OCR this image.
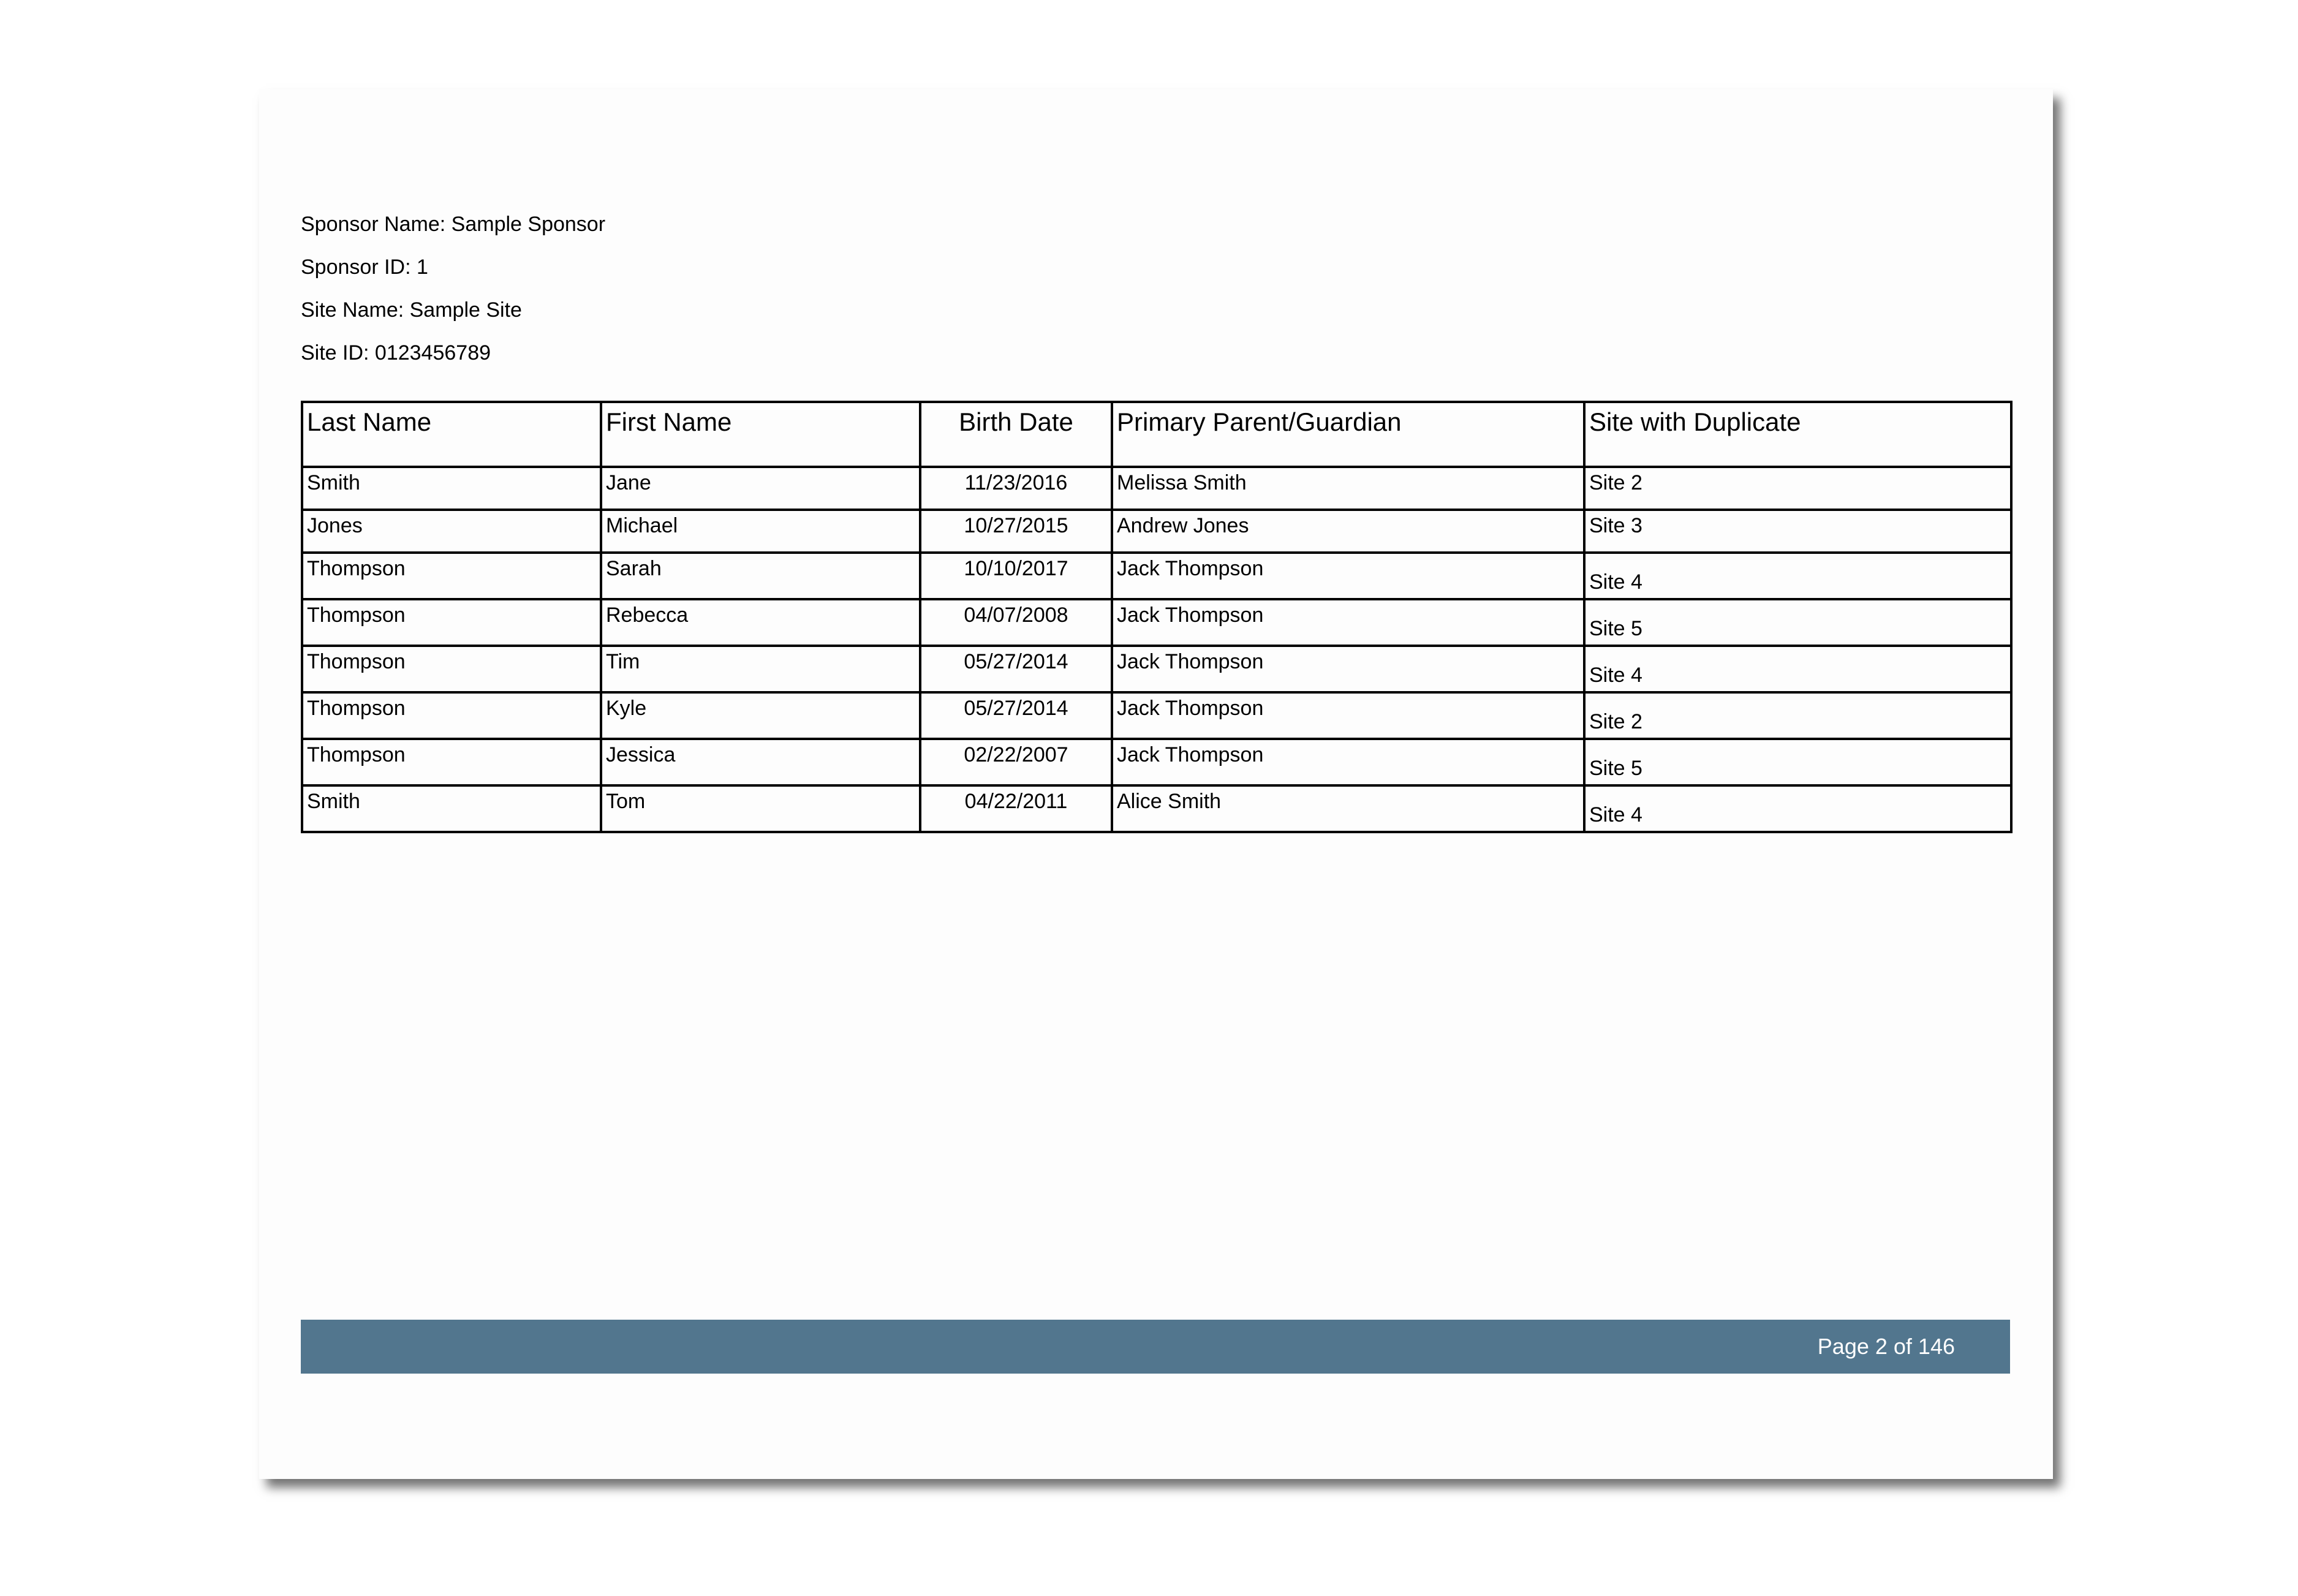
Sponsor Name: Sample Sponsor
Sponsor ID: 1
Site Name: Sample Site
Site ID: 0123456789
Last Name	First Name	Birth Date	Primary Parent/Guardian	Site with Duplicate
Smith	Jane	11/23/2016	Melissa Smith	Site 2
Jones	Michael	10/27/2015	Andrew Jones	Site 3
Thompson	Sarah	10/10/2017	Jack Thompson	Site 4
Thompson	Rebecca	04/07/2008	Jack Thompson	Site 5
Thompson	Tim	05/27/2014	Jack Thompson	Site 4
Thompson	Kyle	05/27/2014	Jack Thompson	Site 2
Thompson	Jessica	02/22/2007	Jack Thompson	Site 5
Smith	Tom	04/22/2011	Alice Smith	Site 4
Page 2 of 146
